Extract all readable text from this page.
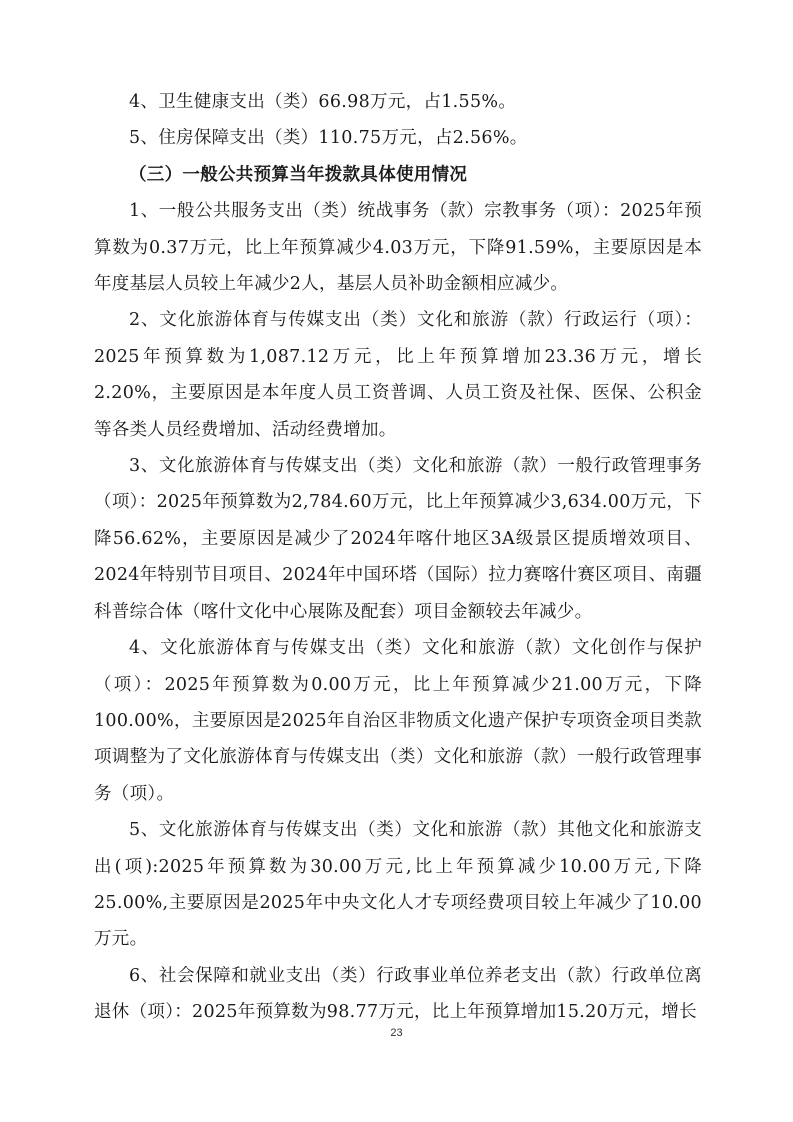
4、卫生健康支出（类）66.98万元，占1.55%。

5、住房保障支出（类）110.75万元，占2.56%。

（三）一般公共预算当年拨款具体使用情况

1、一般公共服务支出（类）统战事务（款）宗教事务（项）：2025年预算数为0.37万元，比上年预算减少4.03万元，下降91.59%，主要原因是本年度基层人员较上年减少2人，基层人员补助金额相应减少。

2、文化旅游体育与传媒支出（类）文化和旅游（款）行政运行（项）：2025年预算数为1,087.12万元，比上年预算增加23.36万元，增长2.20%，主要原因是本年度人员工资普调、人员工资及社保、医保、公积金等各类人员经费增加、活动经费增加。

3、文化旅游体育与传媒支出（类）文化和旅游（款）一般行政管理事务（项）：2025年预算数为2,784.60万元，比上年预算减少3,634.00万元，下降56.62%，主要原因是减少了2024年喀什地区3A级景区提质增效项目、2024年特别节目项目、2024年中国环塔（国际）拉力赛喀什赛区项目、南疆科普综合体（喀什文化中心展陈及配套）项目金额较去年减少。

4、文化旅游体育与传媒支出（类）文化和旅游（款）文化创作与保护（项）：2025年预算数为0.00万元，比上年预算减少21.00万元，下降100.00%，主要原因是2025年自治区非物质文化遗产保护专项资金项目类款项调整为了文化旅游体育与传媒支出（类）文化和旅游（款）一般行政管理事务（项）。

5、文化旅游体育与传媒支出（类）文化和旅游（款）其他文化和旅游支出(项):2025年预算数为30.00万元,比上年预算减少10.00万元,下降25.00%,主要原因是2025年中央文化人才专项经费项目较上年减少了10.00万元。

6、社会保障和就业支出（类）行政事业单位养老支出（款）行政单位离退休（项）：2025年预算数为98.77万元，比上年预算增加15.20万元，增长

23
